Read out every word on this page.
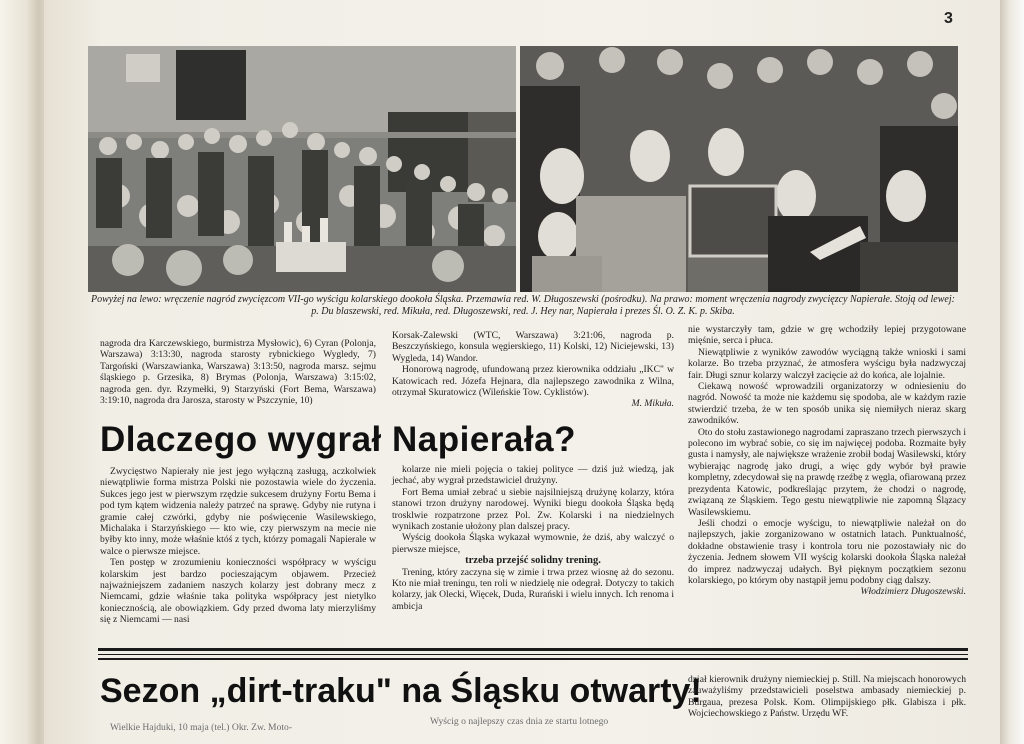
3
Powyżej na lewo: wręczenie nagród zwycięzcom VII-go wyścigu kolarskiego dookoła Śląska. Przemawia red. W. Długoszewski (pośrodku). Na prawo: moment wręczenia nagrody zwycięzcy Napierałe. Stoją od lewej: p. Du blaszewski, red. Mikuła, red. Długoszewski, red. J. Hey nar, Napierała i prezes Śl. O. Z. K. p. Skiba.

nagroda dra Karczewskiego, burmistrza Mysłowic), 6) Cyran (Polonja, Warszawa) 3:13:30, nagroda starosty rybnickiego Wygledy, 7) Targoński (Warszawianka, Warszawa) 3:13:50, nagroda marsz. sejmu śląskiego p. Grzesika, 8) Brymas (Polonja, Warszawa) 3:15:02, nagroda gen. dyr. Rzymełki, 9) Starzyński (Fort Bema, Warszawa) 3:19:10, nagroda dra Jarosza, starosty w Pszczynie, 10)

Korsak-Zalewski (WTC, Warszawa) 3:21:06, nagroda p. Beszczyńskiego, konsula węgierskiego, 11) Kolski, 12) Niciejewski, 13) Wygleda, 14) Wandor.

Honorową nagrodę, ufundowaną przez kierownika oddziału „IKC" w Katowicach red. Józefa Hejnara, dla najlepszego zawodnika z Wilna, otrzymał Skuratowicz (Wileńskie Tow. Cyklistów).

M. Mikuła.

Dlaczego wygrał Napierała?

Zwycięstwo Napierały nie jest jego wyłączną zasługą, aczkolwiek niewątpliwie forma mistrza Polski nie pozostawia wiele do życzenia. Sukces jego jest w pierwszym rzędzie sukcesem drużyny Fortu Bema i pod tym kątem widzenia należy patrzeć na sprawę. Gdyby nie rutyna i gramie całej czwórki, gdyby nie poświęcenie Wasilewskiego, Michalaka i Starzyńskiego — kto wie, czy pierwszym na mecie nie byłby kto inny, może właśnie któś z tych, którzy pomagali Napierale w walce o pierwsze miejsce.

Ten postęp w zrozumieniu konieczności współpracy w wyścigu kolarskim jest bardzo pocieszającym objawem. Przecież najważniejszem zadaniem naszych kolarzy jest dobrany mecz z Niemcami, gdzie właśnie taka polityka współpracy jest nietylko koniecznością, ale obowiązkiem. Gdy przed dwoma laty mierzyliśmy się z Niemcami — nasi

kolarze nie mieli pojęcia o takiej polityce — dziś już wiedzą, jak jechać, aby wygrał przedstawiciel drużyny.

Fort Bema umiał zebrać u siebie najsilniejszą drużynę kolarzy, która stanowi trzon drużyny narodowej. Wyniki biegu dookoła Śląska będą trosklwie rozpatrzone przez Pol. Zw. Kolarski i na niedzielnych wynikach zostanie ułożony plan dalszej pracy.

Wyścig dookoła Śląska wykazał wymownie, że dziś, aby walczyć o pierwsze miejsce,

trzeba przejść solidny trening.

Trening, który zaczyna się w zimie i trwa przez wiosnę aż do sezonu. Kto nie miał treningu, ten roli w niedzielę nie odegrał. Dotyczy to takich kolarzy, jak Olecki, Więcek, Duda, Rurański i wielu innych. Ich renoma i ambicja

nie wystarczyły tam, gdzie w grę wchodziły lepiej przygotowane mięśnie, serca i płuca.

Niewątpliwie z wyników zawodów wyciągną także wnioski i sami kolarze. Bo trzeba przyznać, że atmosfera wyścigu była nadzwyczaj fair. Długi sznur kolarzy walczył zacięcie aż do końca, ale lojalnie.

Ciekawą nowość wprowadzili organizatorzy w odniesieniu do nagród. Nowość ta może nie każdemu się spodoba, ale w każdym razie stwierdzić trzeba, że w ten sposób unika się niemiłych nieraz skarg zawodników.

Oto do stołu zastawionego nagrodami zapraszano trzech pierwszych i polecono im wybrać sobie, co się im najwięcej podoba. Rozmaite były gusta i namysły, ale największe wrażenie zrobił bodaj Wasilewski, który wybierając nagrodę jako drugi, a więc gdy wybór był prawie kompletny, zdecydował się na prawdę rzeźbę z węgla, ofiarowaną przez prezydenta Katowic, podkreślając przytem, że chodzi o nagrodę, związaną ze Śląskiem. Tego gestu niewątpliwie nie zapomną Ślązacy Wasilewskiemu.

Jeśli chodzi o emocje wyścigu, to niewątpliwie należał on do najlepszych, jakie zorganizowano w ostatnich latach. Punktualność, dokładne obstawienie trasy i kontrola toru nie pozostawiały nic do życzenia. Jednem słowem VII wyścig kolarski dookoła Śląska należał do imprez nadzwyczaj udałych. Był pięknym początkiem sezonu kolarskiego, po którym oby nastąpił jemu podobny ciąg dalszy.

Włodzimierz Długoszewski.

Sezon „dirt-traku" na Śląsku otwarty!

Wielkie Hajduki, 10 maja (tel.) Okr. Zw. Moto-

Wyścig o najlepszy czas dnia ze startu lotnego

dział kierownik drużyny niemieckiej p. Still. Na miejscach honorowych zauważyliśmy przedstawicieli poselstwa ambasady niemieckiej p. Burgaua, prezesa Polsk. Kom. Olimpijskiego płk. Glabisza i płk. Wojciechowskiego z Państw. Urzędu WF.
